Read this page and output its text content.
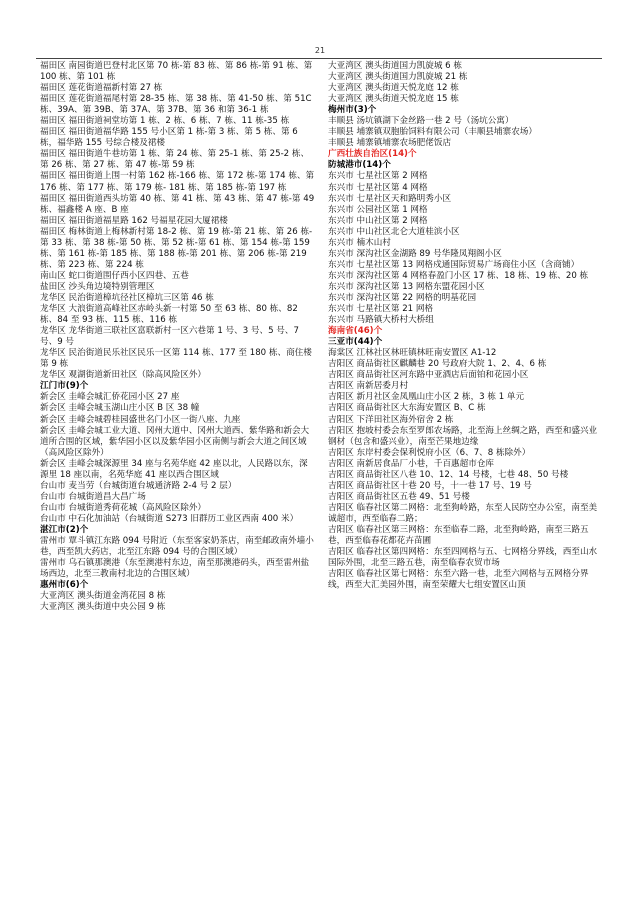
21
福田区 南园街道巴登村北区第 70 栋-第 83 栋、第 86 栋-第 91 栋、第 100 栋、第 101 栋
福田区 莲花街道福新村第 27 栋
福田区 莲花街道福尾村第 28-35 栋、第 38 栋、第 41-50 栋、第 51C 栋、39A、第 39B、第 37A、第 37B、第 36 和第 36-1 栋
福田区 福田街道祠堂坊第 1 栋、2 栋、6 栋、7 栋、11 栋-35 栋
福田区 福田街道福华路 155 号小区第 1 栋-第 3 栋、第 5 栋、第 6 栋，福华路 155 号综合楼及裙楼
福田区 福田街道牛巷坊第 1 栋、第 24 栋、第 25-1 栋、第 25-2 栋、第 26 栋、第 27 栋、第 47 栋-第 59 栋
福田区 福田街道上围一村第 162 栋-166 栋、第 172 栋-第 174 栋、第 176 栋、第 177 栋、第 179 栋- 181 栋、第 185 栋-第 197 栋
福田区 福田街道西头坊第 40 栋、第 41 栋、第 43 栋、第 47 栋-第 49 栋、福鑫楼 A 座、B 座
福田区 福田街道福星路 162 号福星花园大厦裙楼
福田区 梅林街道上梅林新村第 18-2 栋、第 19 栋-第 21 栋、第 26 栋-第 33 栋、第 38 栋-第 50 栋、第 52 栋-第 61 栋、第 154 栋-第 159 栋、第 161 栋-第 185 栋、第 188 栋-第 201 栋、第 206 栋-第 219 栋、第 223 栋、第 224 栋
南山区 蛇口街道围仔西小区四巷、五巷
盐田区 沙头角边境特别管理区
龙华区 民治街道樟坑径社区樟坑三区第 46 栋
龙华区 大浪街道高峰社区赤岭头新一村第 50 至 63 栋、80 栋、82 栋、84 至 93 栋、115 栋、116 栋
龙华区 龙华街道三联社区富联新村一区六巷第 1 号、3 号、5 号、7 号、9 号
龙华区 民治街道民乐社区民乐一区第 114 栋、177 至 180 栋、商住楼第 9 栋
龙华区 观湖街道新田社区（除高风险区外）
江门市(9)个
新会区 圭峰会城汇侨花园小区 27 座
新会区 圭峰会城玉湖山庄小区 B 区 38 幢
新会区 圭峰会城碧桂园盛世名门小区一街八座、九座
新会区 圭峰会城工业大道、冈州大道中、冈州大道西、紫华路和新会大道所合围的区域，紫华园小区以及紫华园小区南侧与新会大道之间区域（高风险区除外）
新会区 圭峰会城深源里 34 座与名苑华庭 42 座以北，人民路以东，深源里 18 座以南，名苑华庭 41 座以西合围区域
台山市 麦当劳（台城街道台城通济路 2-4 号 2 层）
台山市 台城街道昌大昌广场
台山市 台城街道秀荷花城（高风险区除外）
台山市 中石化加油站（台城街道 S273 旧群历工业区西南 400 米）
湛江市(2)个
雷州市 覃斗镇江东路 094 号附近（东至客家奶茶店，南至邮政南外墙小巷，西至凯大药店，北至江东路 094 号的合围区域）
雷州市 乌石镇那澳港（东至澳港村东边，南至那澳港码头，西至雷州盐场西边，北至三教南村北边的合围区域）
惠州市(6)个
大亚湾区 澳头街道金湾花园 8 栋
大亚湾区 澳头街道中央公园 9 栋
大亚湾区 澳头街道国力凯旋城 6 栋
大亚湾区 澳头街道国力凯旋城 21 栋
大亚湾区 澳头街道天悦龙庭 12 栋
大亚湾区 澳头街道天悦龙庭 15 栋
梅州市(3)个
丰顺县 汤坑镇湖下金丝路一巷 2 号（汤坑公寓）
丰顺县 埔寨镇双胞胎饲料有限公司（丰顺县埔寨农场）
丰顺县 埔寨镇埔寨农场肥佬饭店
广西壮族自治区(14)个
防城港市(14)个
东兴市 七星社区第 2 网格
东兴市 七星社区第 4 网格
东兴市 七星社区天和路明秀小区
东兴市 公园社区第 1 网格
东兴市 中山社区第 2 网格
东兴市 中山社区北仑大道桂滨小区
东兴市 楠木山村
东兴市 深沟社区金湖路 89 号华隆凤翔阁小区
东兴市 七星社区第 13 网格戍通国际贸易广场商住小区（含商铺）
东兴市 深沟社区第 4 网格春盈门小区 17 栋、18 栋、19 栋、20 栋
东兴市 深沟社区第 13 网格东盟花园小区
东兴市 深沟社区第 22 网格的明基花园
东兴市 七星社区第 21 网格
东兴市 马路镇大桥村大桥组
海南省(46)个
三亚市(44)个
海棠区 江林社区林旺镇林旺南安置区 A1-12
吉阳区 商品街社区麒麟巷 20 号政府大院 1、2、4、6 栋
吉阳区 商品街社区河东路中亚酒店后面铂和花园小区
吉阳区 南新居委月村
吉阳区 新月社区金凤凰山庄小区 2 栋，3 栋 1 单元
吉阳区 商品街社区大东海安置区 B、C 栋
吉阳区 下洋田社区海外宿舍 2 栋
吉阳区 抱坡村委会东至罗郎农场路，北至海上丝绸之路，西至和盛兴业钢材（包含和盛兴业），南至芒果地边缘
吉阳区 东岸村委会保利悦府小区（6、7、8 栋除外）
吉阳区 南新居食品厂小巷，千百惠超市仓库
吉阳区 商品街社区八巷 10、12、14 号楼，七巷 48、50 号楼
吉阳区 商品街社区十巷 20 号，十一巷 17 号、19 号
吉阳区 商品街社区五巷 49、51 号楼
吉阳区 临春社区第二网格：北至狗岭路，东至人民防空办公室，南至美诚超市，西至临春二路；
吉阳区 临春社区第三网格：东至临春二路，北至狗岭路，南至三路五巷，西至临春花都花卉苗圃
吉阳区 临春社区第四网格：东至四网格与五、七网格分界线，西至山水国际外围，北至三路五巷，南至临春农贸市场
吉阳区 临春社区第七网格：东至六路一巷，北至六网格与五网格分界线，西至大汇美园外围，南至荣耀大七组安置区山顶
